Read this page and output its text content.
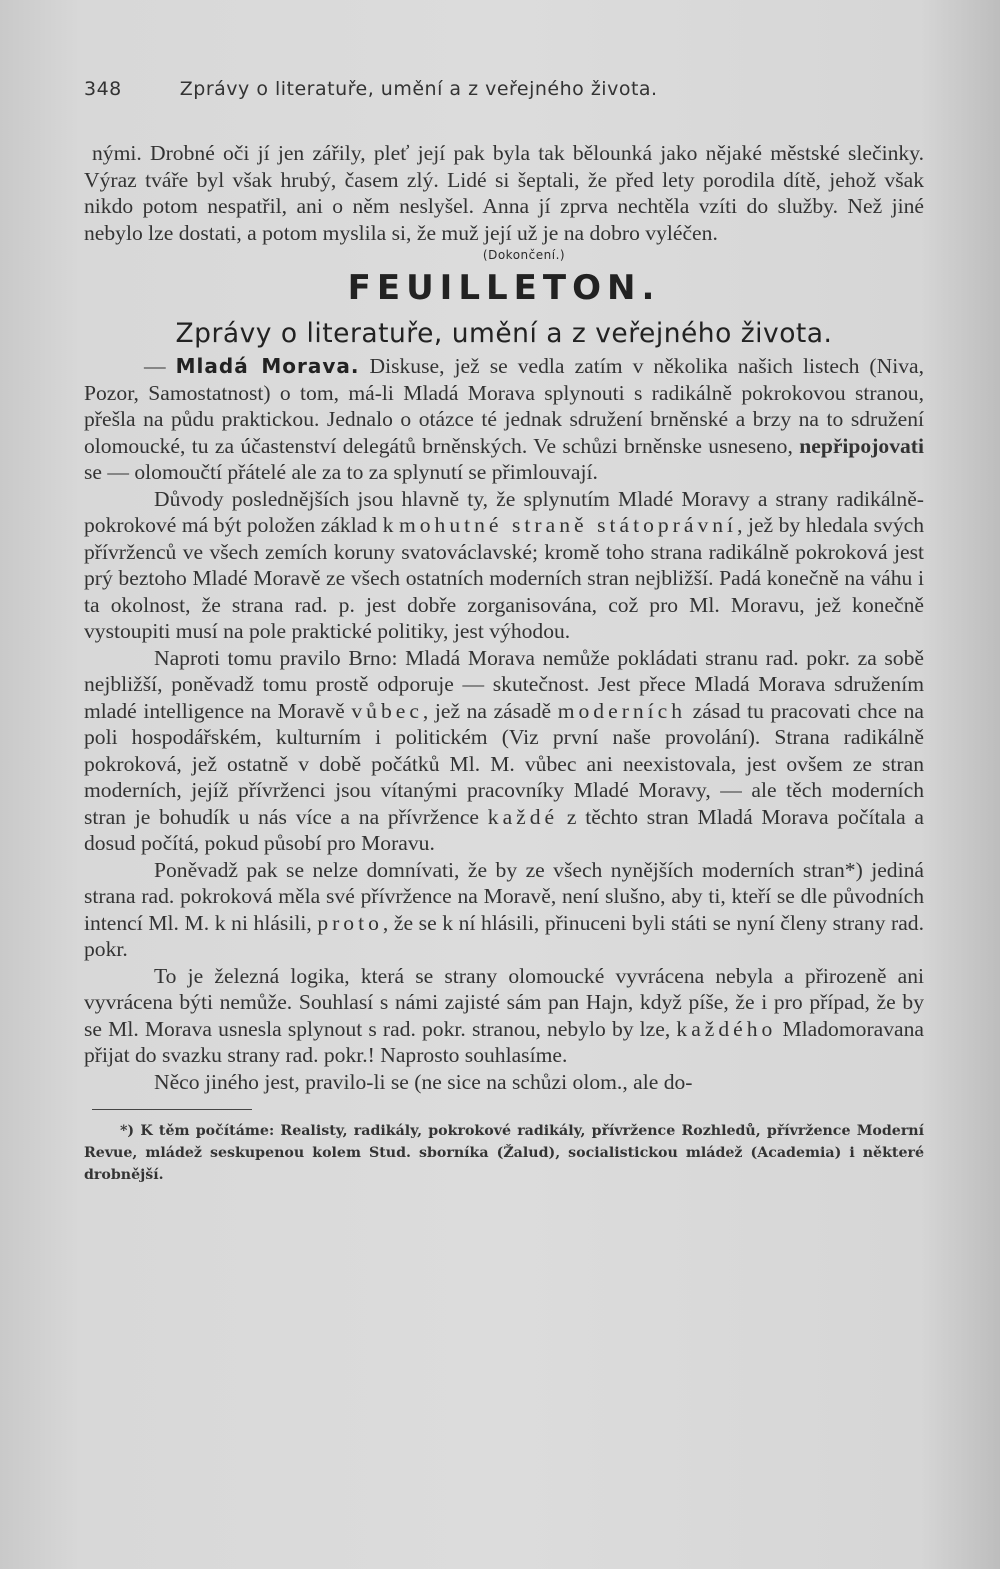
348	Zprávy o literatuře, umění a z veřejného života.

nými. Drobné oči jí jen zářily, pleť její pak byla tak bělounká jako nějaké městské slečinky. Výraz tváře byl však hrubý, časem zlý. Lidé si šeptali, že před lety porodila dítě, jehož však nikdo potom nespatřil, ani o něm neslyšel. Anna jí zprva nechtěla vzíti do služby. Než jiné nebylo lze dostati, a potom myslila si, že muž její už je na dobro vyléčen.

(Dokončení.)
FEUILLETON.
Zprávy o literatuře, umění a z veřejného života.

— Mladá Morava. Diskuse, jež se vedla zatím v několika našich listech (Niva, Pozor, Samostatnost) o tom, má-li Mladá Morava splynouti s radikálně pokrokovou stranou, přešla na půdu praktickou. Jednalo o otázce té jednak sdružení brněnské a brzy na to sdružení olomoucké, tu za účastenství delegátů brněnských. Ve schůzi brněnske usneseno, nepřipojovati se — olomoučtí přátelé ale za to za splynutí se přimlouvají.

Důvody poslednějších jsou hlavně ty, že splynutím Mladé Moravy a strany radikálně-pokrokové má být položen základ k mohutné straně státoprávní, jež by hledala svých přívrženců ve všech zemích koruny svatováclavské; kromě toho strana radikálně pokroková jest prý beztoho Mladé Moravě ze všech ostatních moderních stran nejbližší. Padá konečně na váhu i ta okolnost, že strana rad. p. jest dobře zorganisována, což pro Ml. Moravu, jež konečně vystoupiti musí na pole praktické politiky, jest výhodou.

Naproti tomu pravilo Brno: Mladá Morava nemůže pokládati stranu rad. pokr. za sobě nejbližší, poněvadž tomu prostě odporuje — skutečnost. Jest přece Mladá Morava sdružením mladé intelligence na Moravě vůbec, jež na zásadě moderních zásad tu pracovati chce na poli hospodářském, kulturním i politickém (Viz první naše provolání). Strana radikálně pokroková, jež ostatně v době počátků Ml. M. vůbec ani neexistovala, jest ovšem ze stran moderních, jejíž přívrženci jsou vítanými pracovníky Mladé Moravy, — ale těch moderních stran je bohudík u nás více a na přívržence každé z těchto stran Mladá Morava počítala a dosud počítá, pokud působí pro Moravu.

Poněvadž pak se nelze domnívati, že by ze všech nynějších moderních stran*) jediná strana rad. pokroková měla své přívržence na Moravě, není slušno, aby ti, kteří se dle původních intencí Ml. M. k ni hlásili, proto, že se k ní hlásili, přinuceni byli státi se nyní členy strany rad. pokr.

To je železná logika, která se strany olomoucké vyvrácena nebyla a přirozeně ani vyvrácena býti nemůže. Souhlasí s námi zajisté sám pan Hajn, když píše, že i pro případ, že by se Ml. Morava usnesla splynout s rad. pokr. stranou, nebylo by lze, každého Mladomoravana přijat do svazku strany rad. pokr.! Naprosto souhlasíme.

Něco jiného jest, pravilo-li se (ne sice na schůzi olom., ale do-

*) K těm počítáme: Realisty, radikály, pokrokové radikály, přívržence Rozhledů, přívržence Moderní Revue, mládež seskupenou kolem Stud. sborníka (Žalud), socialistickou mládež (Academia) i některé drobnější.
